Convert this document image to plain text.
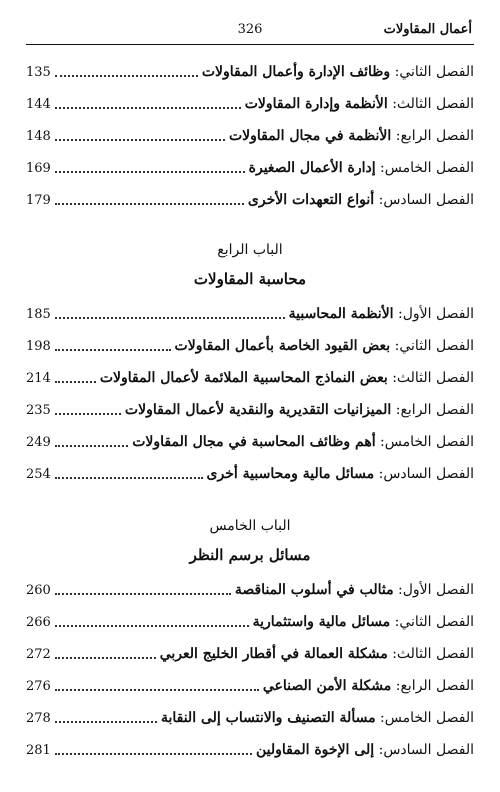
أعمال المقاولات
326
الفصل الثاني: وظائف الإدارة وأعمال المقاولات
135
الفصل الثالث: الأنظمة وإدارة المقاولات
144
الفصل الرابع: الأنظمة في مجال المقاولات
148
الفصل الخامس: إدارة الأعمال الصغيرة
169
الفصل السادس: أنواع التعهدات الأخرى
179
الباب الرابع
محاسبة المقاولات
الفصل الأول: الأنظمة المحاسبية
185
الفصل الثاني: بعض القيود الخاصة بأعمال المقاولات
198
الفصل الثالث: بعض النماذج المحاسبية الملائمة لأعمال المقاولات
214
الفصل الرابع: الميزانيات التقديرية والنقدية لأعمال المقاولات
235
الفصل الخامس: أهم وظائف المحاسبة في مجال المقاولات
249
الفصل السادس: مسائل مالية ومحاسبية أخرى
254
الباب الخامس
مسائل برسم النظر
الفصل الأول: مثالب في أسلوب المناقصة
260
الفصل الثاني: مسائل مالية واستثمارية
266
الفصل الثالث: مشكلة العمالة في أقطار الخليج العربي
272
الفصل الرابع: مشكلة الأمن الصناعي
276
الفصل الخامس: مسألة التصنيف والانتساب إلى النقابة
278
الفصل السادس: إلى الإخوة المقاولين
281
